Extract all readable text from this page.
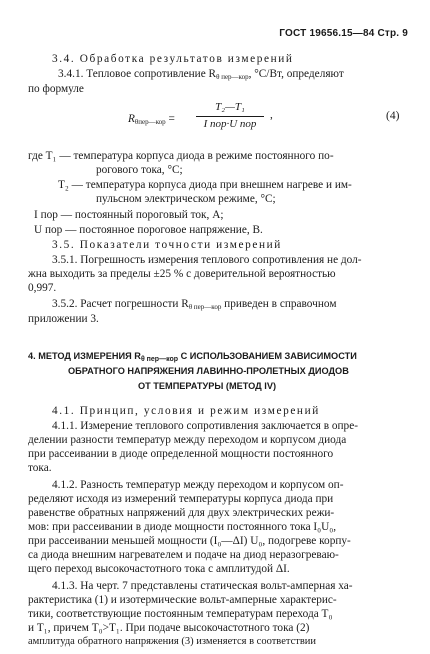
ГОСТ 19656.15—84 Стр. 9
3.4. Обработка результатов измерений
3.4.1. Тепловое сопротивление $R_{\theta пер—кор}$, °С/Вт, определяют
по формуле
$R_{\theta пер—кор}$ =
T₂—T₁
I пор·U пор
,	(4)
где T₁ — температура корпуса диода в режиме постоянного по-
рогового тока, °С;
T₂ — температура корпуса диода при внешнем нагреве и им-
пульсном электрическом режиме, °С;
I пор — постоянный пороговый ток, А;
U пор — постоянное пороговое напряжение, В.
3.5. Показатели точности измерений
3.5.1. Погрешность измерения теплового сопротивления не дол-
жна выходить за пределы ±25 % с доверительной вероятностью
0,997.
3.5.2. Расчет погрешности $R_{\theta пер—кор}$ приведен в справочном
приложении 3.
4. МЕТОД ИЗМЕРЕНИЯ $R_{\theta пер—кор}$ С ИСПОЛЬЗОВАНИЕМ ЗАВИСИМОСТИ
ОБРАТНОГО НАПРЯЖЕНИЯ ЛАВИННО-ПРОЛЕТНЫХ ДИОДОВ
ОТ ТЕМПЕРАТУРЫ (МЕТОД IV)
4.1. Принцип, условия и режим измерений
4.1.1. Измерение теплового сопротивления заключается в опре-
делении разности температур между переходом и корпусом диода
при рассеивании в диоде определенной мощности постоянного
тока.
4.1.2. Разность температур между переходом и корпусом оп-
ределяют исходя из измерений температуры корпуса диода при
равенстве обратных напряжений для двух электрических режи-
мов: при рассеивании в диоде мощности постоянного тока I₀U₀,
при рассеивании меньшей мощности (I₀—ΔI) U₀, подогреве корпу-
са диода внешним нагревателем и подаче на диод неразогреваю-
щего переход высокочастотного тока с амплитудой ΔI.
4.1.3. На черт. 7 представлены статическая вольт-амперная ха-
рактеристика (1) и изотермические вольт-амперные характерис-
тики, соответствующие постоянным температурам перехода T₀
и T₁, причем T₀>T₁. При подаче высокочастотного тока (2)
амплитуда обратного напряжения (3) изменяется в соответствии
